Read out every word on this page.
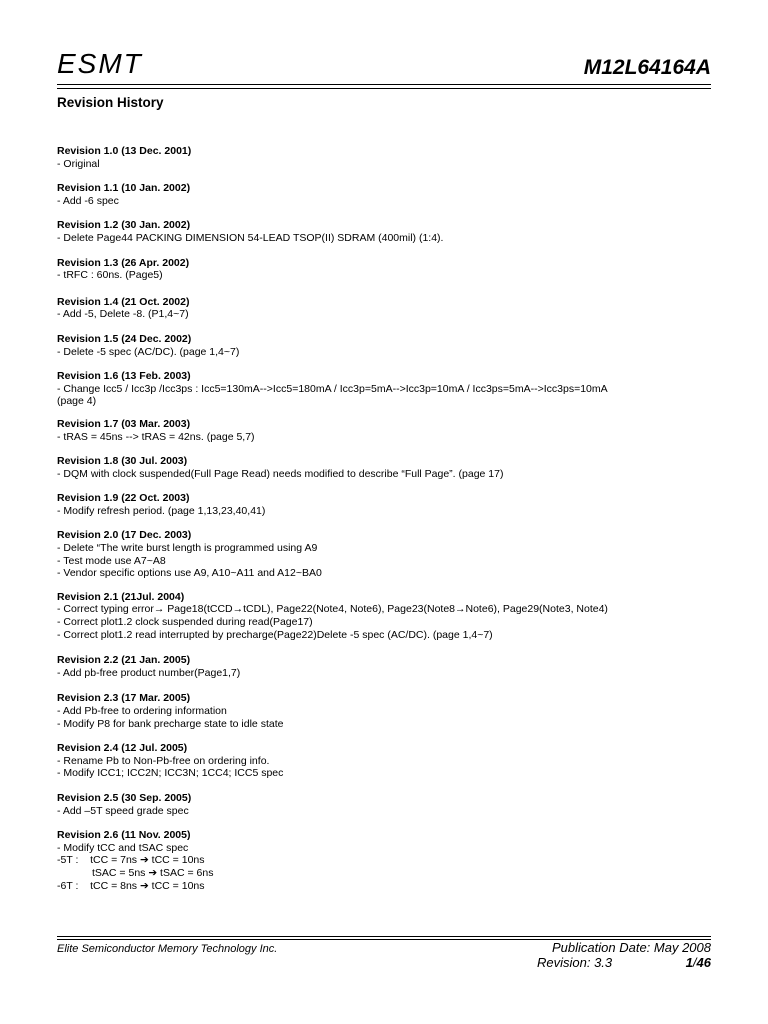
ESMT	M12L64164A
Revision History
Revision 1.0 (13 Dec. 2001)
- Original
Revision 1.1 (10 Jan. 2002)
- Add -6 spec
Revision 1.2 (30 Jan. 2002)
- Delete Page44 PACKING DIMENSION 54-LEAD TSOP(II) SDRAM (400mil) (1:4).
Revision 1.3 (26 Apr. 2002)
- tRFC : 60ns. (Page5)
Revision 1.4 (21 Oct. 2002)
- Add -5, Delete -8. (P1,4~7)
Revision 1.5 (24 Dec. 2002)
- Delete -5 spec (AC/DC). (page 1,4~7)
Revision 1.6 (13 Feb. 2003)
- Change Icc5 / Icc3p /Icc3ps : Icc5=130mA-->Icc5=180mA / Icc3p=5mA-->Icc3p=10mA / Icc3ps=5mA-->Icc3ps=10mA
(page 4)
Revision 1.7 (03 Mar. 2003)
- tRAS = 45ns --> tRAS = 42ns. (page 5,7)
Revision 1.8 (30 Jul. 2003)
- DQM with clock suspended(Full Page Read) needs modified to describe “Full Page”. (page 17)
Revision 1.9 (22 Oct. 2003)
- Modify refresh period. (page 1,13,23,40,41)
Revision 2.0 (17 Dec. 2003)
- Delete “The write burst length is programmed using A9
- Test mode use A7~A8
- Vendor specific options use A9, A10~A11 and A12~BA0
Revision 2.1 (21Jul. 2004)
- Correct typing error→ Page18(tCCD→tCDL), Page22(Note4, Note6), Page23(Note8→Note6), Page29(Note3, Note4)
- Correct plot1.2 clock suspended during read(Page17)
- Correct plot1.2 read interrupted by precharge(Page22)Delete -5 spec (AC/DC). (page 1,4~7)
Revision 2.2 (21 Jan. 2005)
- Add pb-free product number(Page1,7)
Revision 2.3 (17 Mar. 2005)
- Add Pb-free to ordering information
- Modify P8 for bank precharge state to idle state
Revision 2.4 (12 Jul. 2005)
- Rename Pb to Non-Pb-free on ordering info.
- Modify ICC1; ICC2N; ICC3N; 1CC4; ICC5 spec
Revision 2.5 (30 Sep. 2005)
- Add –5T speed grade spec
Revision 2.6 (11 Nov. 2005)
- Modify tCC and tSAC spec
-5T :    tCC = 7ns ➔ tCC = 10ns
tSAC = 5ns ➔ tSAC = 6ns
-6T :    tCC = 8ns ➔ tCC = 10ns
Elite Semiconductor Memory Technology Inc.	Publication Date: May 2008
Revision: 3.3	1/46
